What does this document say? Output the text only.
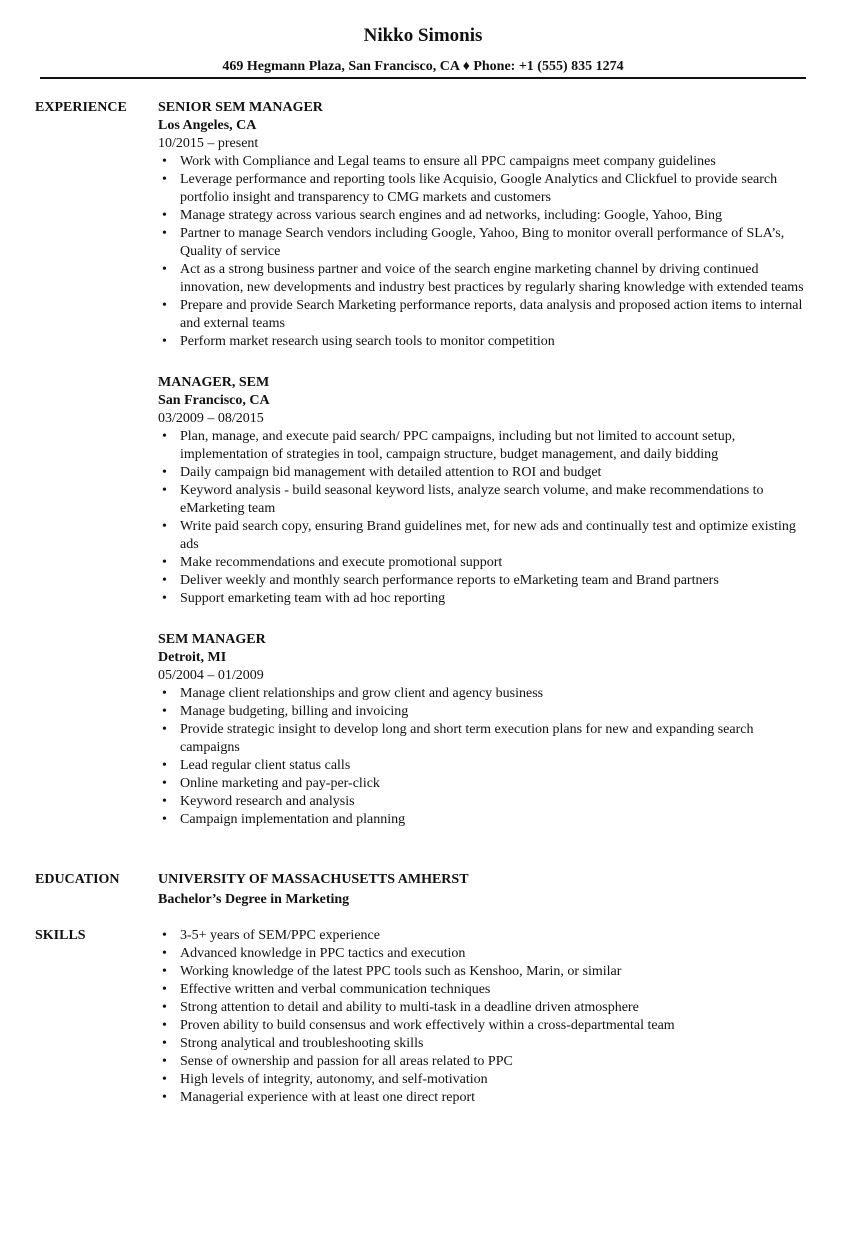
Nikko Simonis
469 Hegmann Plaza, San Francisco, CA ♦ Phone: +1 (555) 835 1274
EXPERIENCE SENIOR SEM MANAGER
Los Angeles, CA
10/2015 – present
• Work with Compliance and Legal teams to ensure all PPC campaigns meet company guidelines
• Leverage performance and reporting tools like Acquisio, Google Analytics and Clickfuel to provide search portfolio insight and transparency to CMG markets and customers
• Manage strategy across various search engines and ad networks, including: Google, Yahoo, Bing
• Partner to manage Search vendors including Google, Yahoo, Bing to monitor overall performance of SLA’s, Quality of service
• Act as a strong business partner and voice of the search engine marketing channel by driving continued innovation, new developments and industry best practices by regularly sharing knowledge with extended teams
• Prepare and provide Search Marketing performance reports, data analysis and proposed action items to internal and external teams
• Perform market research using search tools to monitor competition
MANAGER, SEM
San Francisco, CA
03/2009 – 08/2015
• Plan, manage, and execute paid search/ PPC campaigns, including but not limited to account setup, implementation of strategies in tool, campaign structure, budget management, and daily bidding
• Daily campaign bid management with detailed attention to ROI and budget
• Keyword analysis - build seasonal keyword lists, analyze search volume, and make recommendations to eMarketing team
• Write paid search copy, ensuring Brand guidelines met, for new ads and continually test and optimize existing ads
• Make recommendations and execute promotional support
• Deliver weekly and monthly search performance reports to eMarketing team and Brand partners
• Support emarketing team with ad hoc reporting
SEM MANAGER
Detroit, MI
05/2004 – 01/2009
• Manage client relationships and grow client and agency business
• Manage budgeting, billing and invoicing
• Provide strategic insight to develop long and short term execution plans for new and expanding search campaigns
• Lead regular client status calls
• Online marketing and pay-per-click
• Keyword research and analysis
• Campaign implementation and planning
EDUCATION	UNIVERSITY OF MASSACHUSETTS AMHERST
Bachelor’s Degree in Marketing
SKILLS
•	3-5+ years of SEM/PPC experience
• Advanced knowledge in PPC tactics and execution
• Working knowledge of the latest PPC tools such as Kenshoo, Marin, or similar
• Effective written and verbal communication techniques
• Strong attention to detail and ability to multi-task in a deadline driven atmosphere
• Proven ability to build consensus and work effectively within a cross-departmental team
• Strong analytical and troubleshooting skills
• Sense of ownership and passion for all areas related to PPC
• High levels of integrity, autonomy, and self-motivation
• Managerial experience with at least one direct report
